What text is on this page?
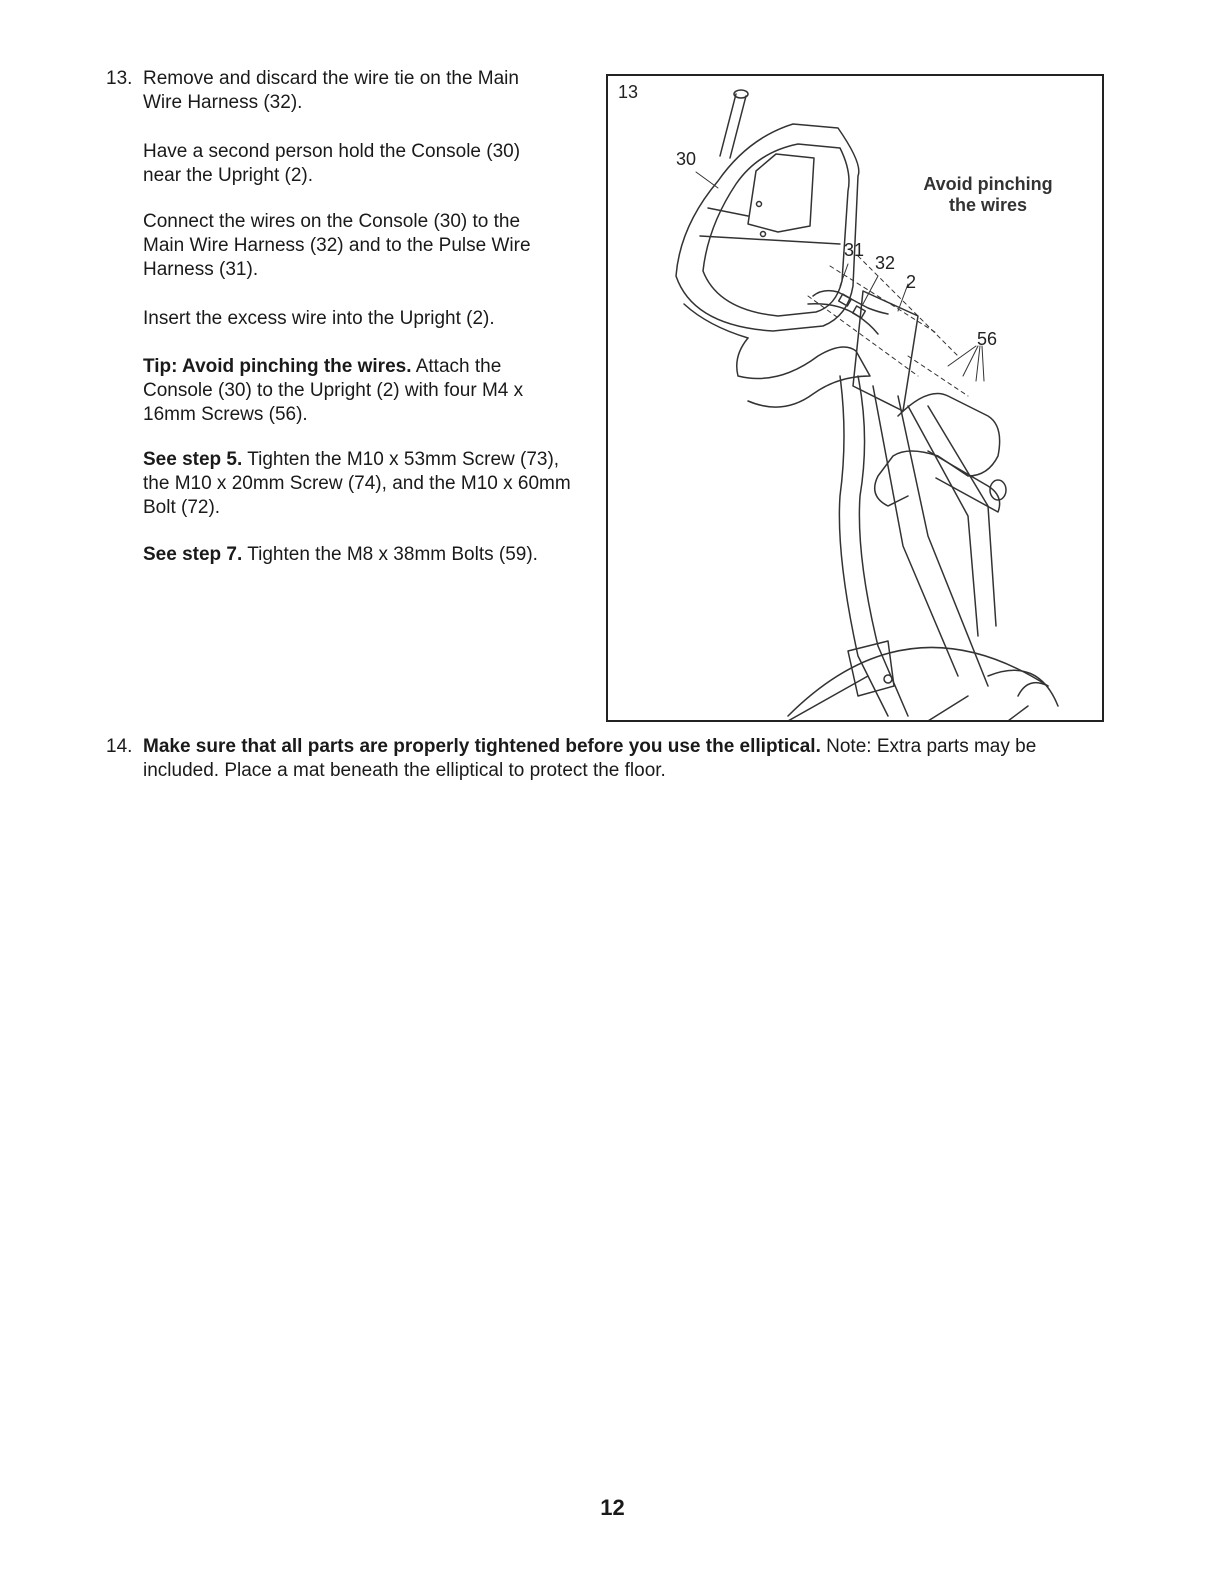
13. Remove and discard the wire tie on the Main Wire Harness (32).
Have a second person hold the Console (30) near the Upright (2).
Connect the wires on the Console (30) to the Main Wire Harness (32) and to the Pulse Wire Harness (31).
Insert the excess wire into the Upright (2).
Tip: Avoid pinching the wires. Attach the Console (30) to the Upright (2) with four M4 x 16mm Screws (56).
See step 5. Tighten the M10 x 53mm Screw (73), the M10 x 20mm Screw (74), and the M10 x 60mm Bolt (72).
See step 7. Tighten the M8 x 38mm Bolts (59).
13
30
31
32
2
56
Avoid pinching the wires
14. Make sure that all parts are properly tightened before you use the elliptical. Note: Extra parts may be included. Place a mat beneath the elliptical to protect the floor.
12
